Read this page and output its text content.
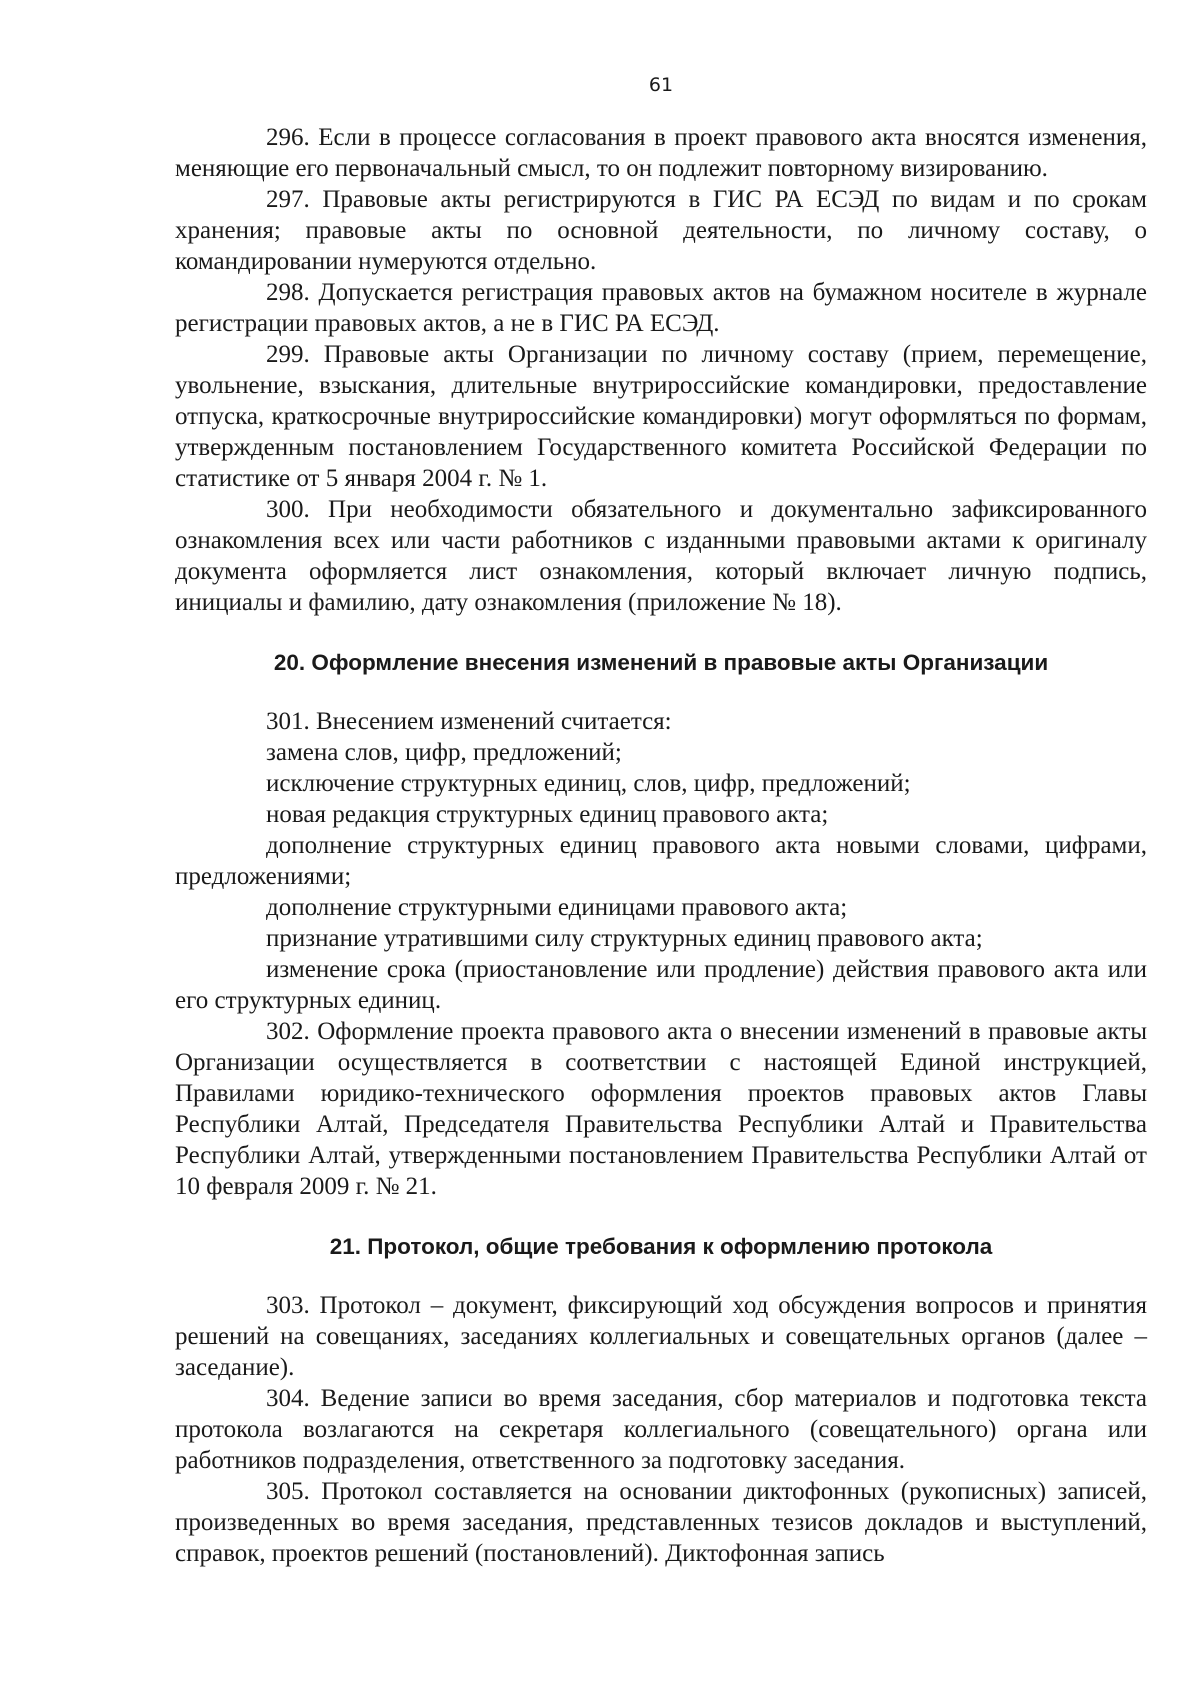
61

296. Если в процессе согласования в проект правового акта вносятся изменения, меняющие его первоначальный смысл, то он подлежит повторному визированию.

297. Правовые акты регистрируются в ГИС РА ЕСЭД по видам и по срокам хранения; правовые акты по основной деятельности, по личному составу, о командировании нумеруются отдельно.

298. Допускается регистрация правовых актов на бумажном носителе в журнале регистрации правовых актов, а не в ГИС РА ЕСЭД.

299. Правовые акты Организации по личному составу (прием, перемещение, увольнение, взыскания, длительные внутрироссийские командировки, предоставление отпуска, краткосрочные внутрироссийские командировки) могут оформляться по формам, утвержденным постановлением Государственного комитета Российской Федерации по статистике от 5 января 2004 г. № 1.

300. При необходимости обязательного и документально зафиксированного ознакомления всех или части работников с изданными правовыми актами к оригиналу документа оформляется лист ознакомления, который включает личную подпись, инициалы и фамилию, дату ознакомления (приложение № 18).

20. Оформление внесения изменений в правовые акты Организации

301. Внесением изменений считается:

замена слов, цифр, предложений;

исключение структурных единиц, слов, цифр, предложений;

новая редакция структурных единиц правового акта;

дополнение структурных единиц правового акта новыми словами, цифрами, предложениями;

дополнение структурными единицами правового акта;

признание утратившими силу структурных единиц правового акта;

изменение срока (приостановление или продление) действия правового акта или его структурных единиц.

302. Оформление проекта правового акта о внесении изменений в правовые акты Организации осуществляется в соответствии с настоящей Единой инструкцией, Правилами юридико-технического оформления проектов правовых актов Главы Республики Алтай, Председателя Правительства Республики Алтай и Правительства Республики Алтай, утвержденными постановлением Правительства Республики Алтай от 10 февраля 2009 г. № 21.

21. Протокол, общие требования к оформлению протокола

303. Протокол – документ, фиксирующий ход обсуждения вопросов и принятия решений на совещаниях, заседаниях коллегиальных и совещательных органов (далее – заседание).

304. Ведение записи во время заседания, сбор материалов и подготовка текста протокола возлагаются на секретаря коллегиального (совещательного) органа или работников подразделения, ответственного за подготовку заседания.

305. Протокол составляется на основании диктофонных (рукописных) записей, произведенных во время заседания, представленных тезисов докладов и выступлений, справок, проектов решений (постановлений). Диктофонная запись
